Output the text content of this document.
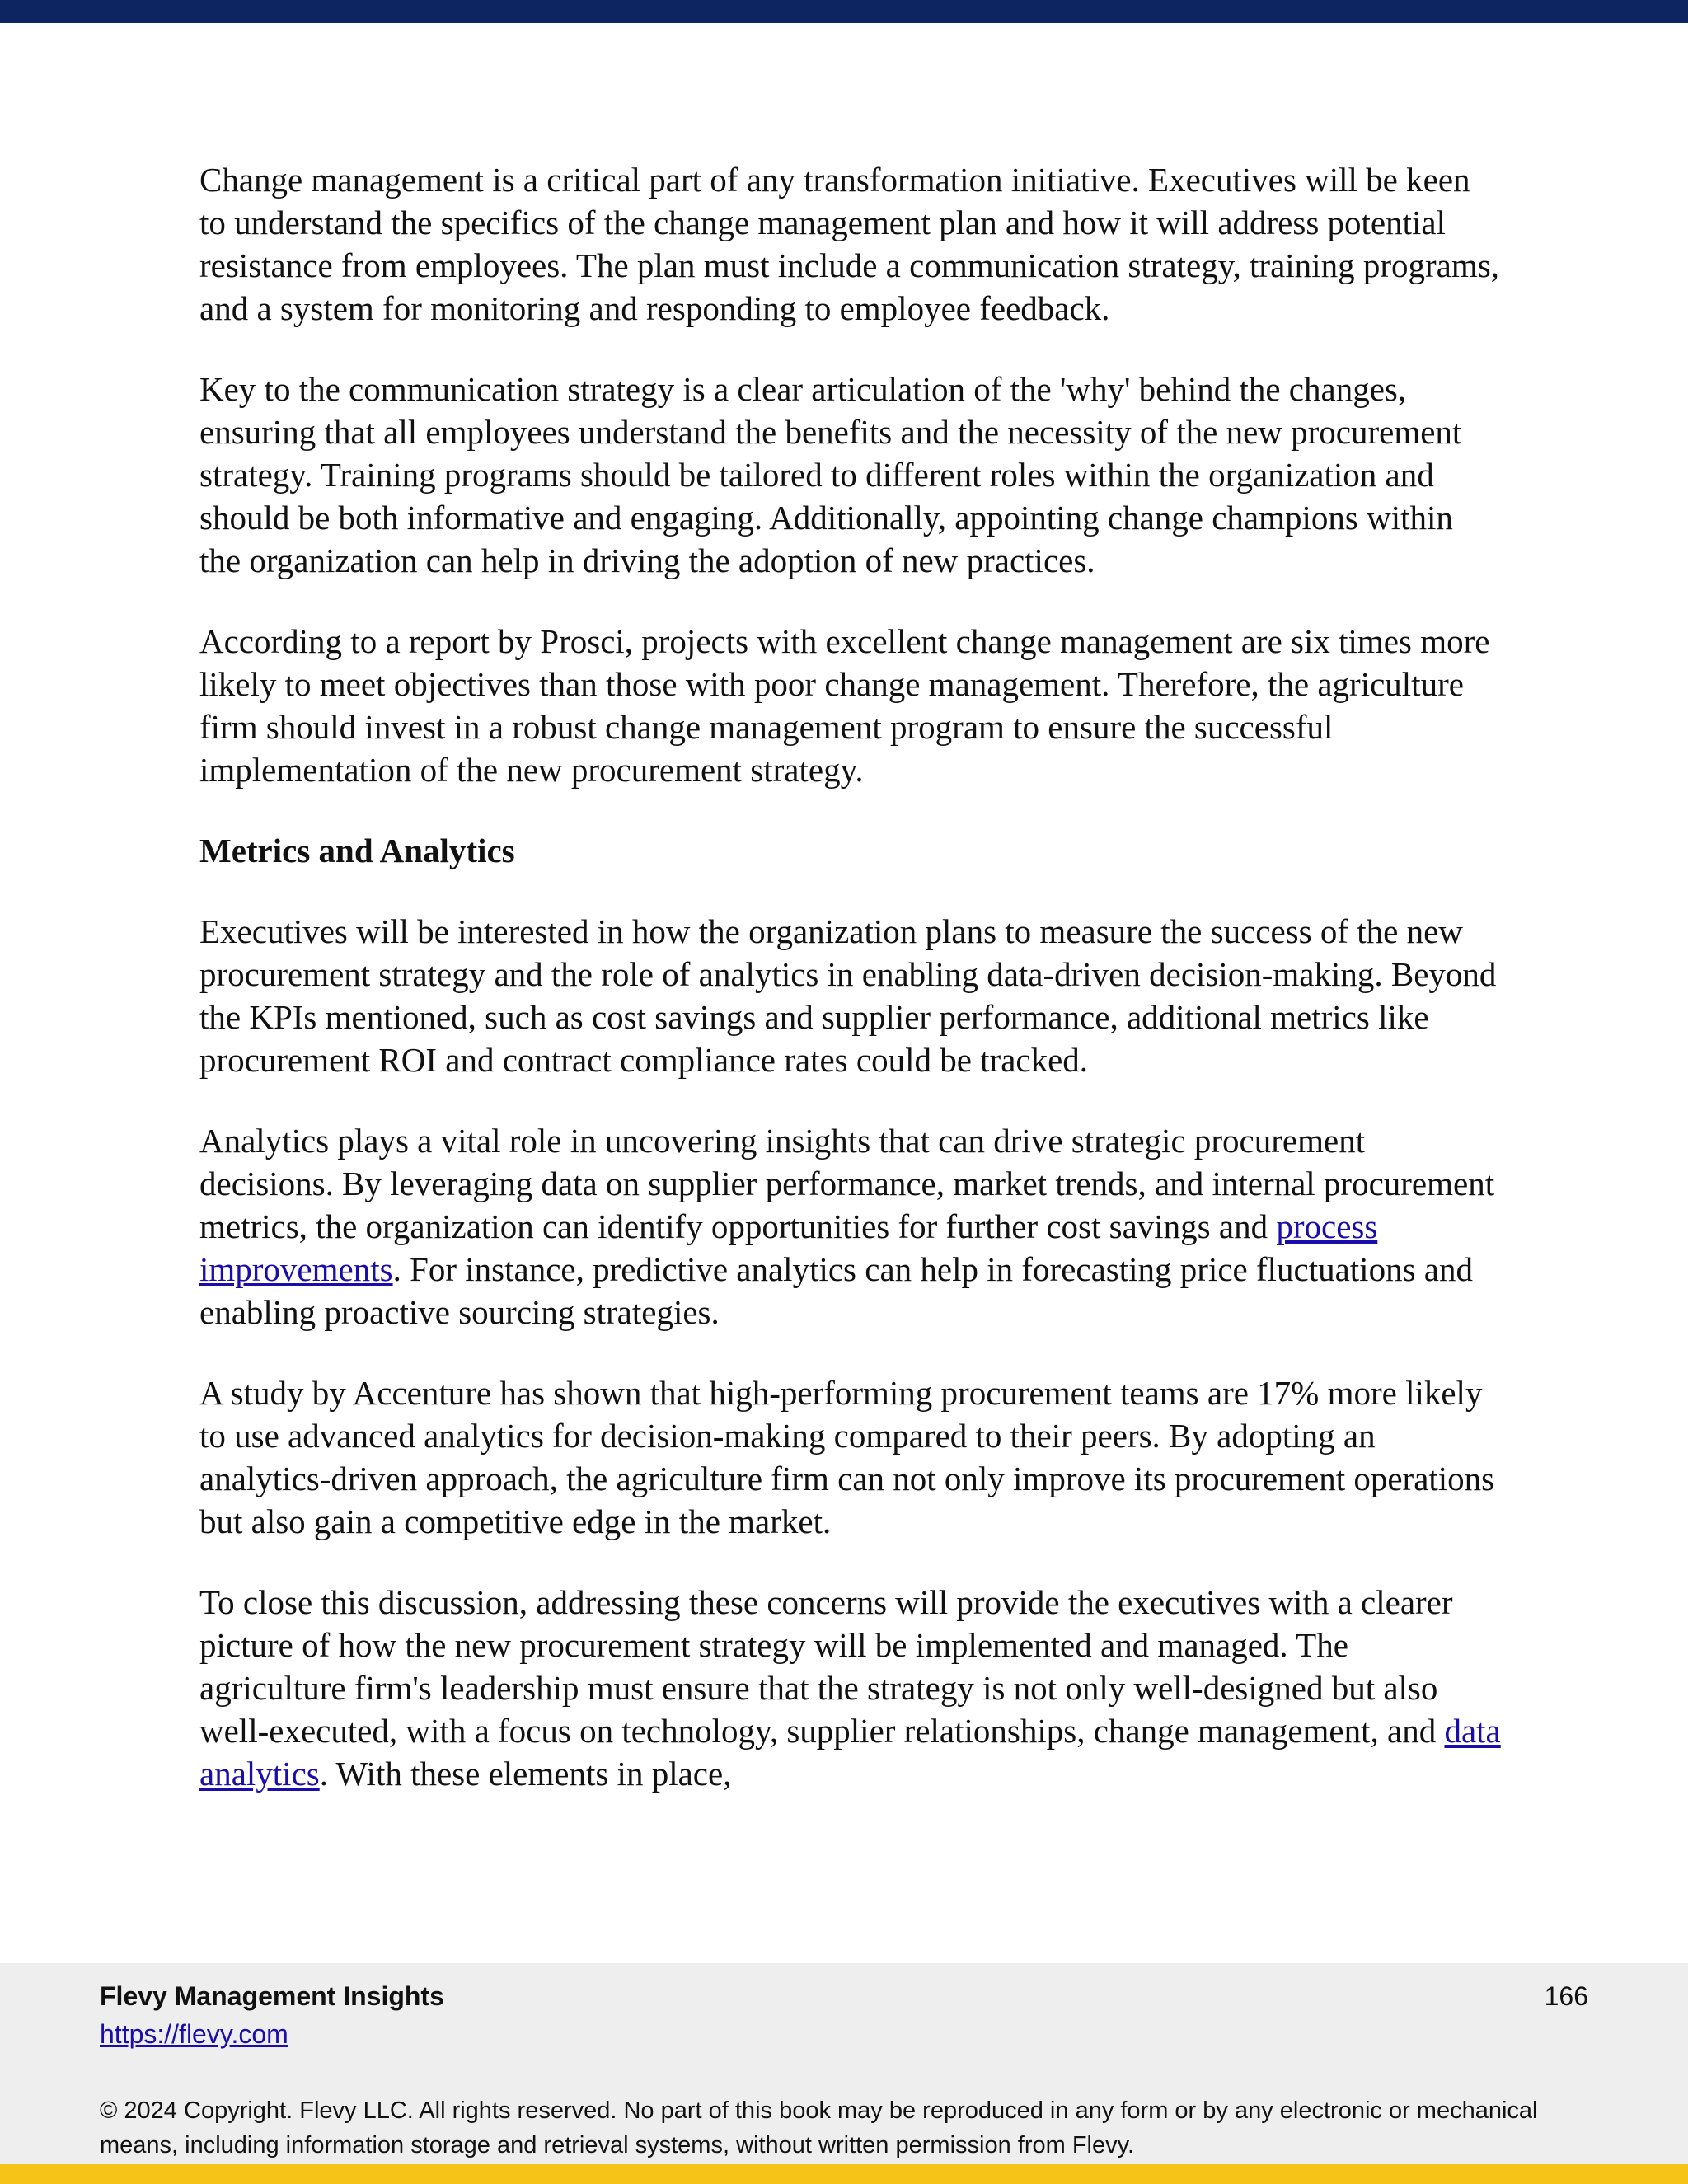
Change management is a critical part of any transformation initiative. Executives will be keen to understand the specifics of the change management plan and how it will address potential resistance from employees. The plan must include a communication strategy, training programs, and a system for monitoring and responding to employee feedback.

Key to the communication strategy is a clear articulation of the 'why' behind the changes, ensuring that all employees understand the benefits and the necessity of the new procurement strategy. Training programs should be tailored to different roles within the organization and should be both informative and engaging. Additionally, appointing change champions within the organization can help in driving the adoption of new practices.

According to a report by Prosci, projects with excellent change management are six times more likely to meet objectives than those with poor change management. Therefore, the agriculture firm should invest in a robust change management program to ensure the successful implementation of the new procurement strategy.

Metrics and Analytics

Executives will be interested in how the organization plans to measure the success of the new procurement strategy and the role of analytics in enabling data-driven decision-making. Beyond the KPIs mentioned, such as cost savings and supplier performance, additional metrics like procurement ROI and contract compliance rates could be tracked.

Analytics plays a vital role in uncovering insights that can drive strategic procurement decisions. By leveraging data on supplier performance, market trends, and internal procurement metrics, the organization can identify opportunities for further cost savings and process improvements. For instance, predictive analytics can help in forecasting price fluctuations and enabling proactive sourcing strategies.

A study by Accenture has shown that high-performing procurement teams are 17% more likely to use advanced analytics for decision-making compared to their peers. By adopting an analytics-driven approach, the agriculture firm can not only improve its procurement operations but also gain a competitive edge in the market.

To close this discussion, addressing these concerns will provide the executives with a clearer picture of how the new procurement strategy will be implemented and managed. The agriculture firm's leadership must ensure that the strategy is not only well-designed but also well-executed, with a focus on technology, supplier relationships, change management, and data analytics. With these elements in place,

Flevy Management Insights
https://flevy.com
166
© 2024 Copyright. Flevy LLC. All rights reserved. No part of this book may be reproduced in any form or by any electronic or mechanical means, including information storage and retrieval systems, without written permission from Flevy.
